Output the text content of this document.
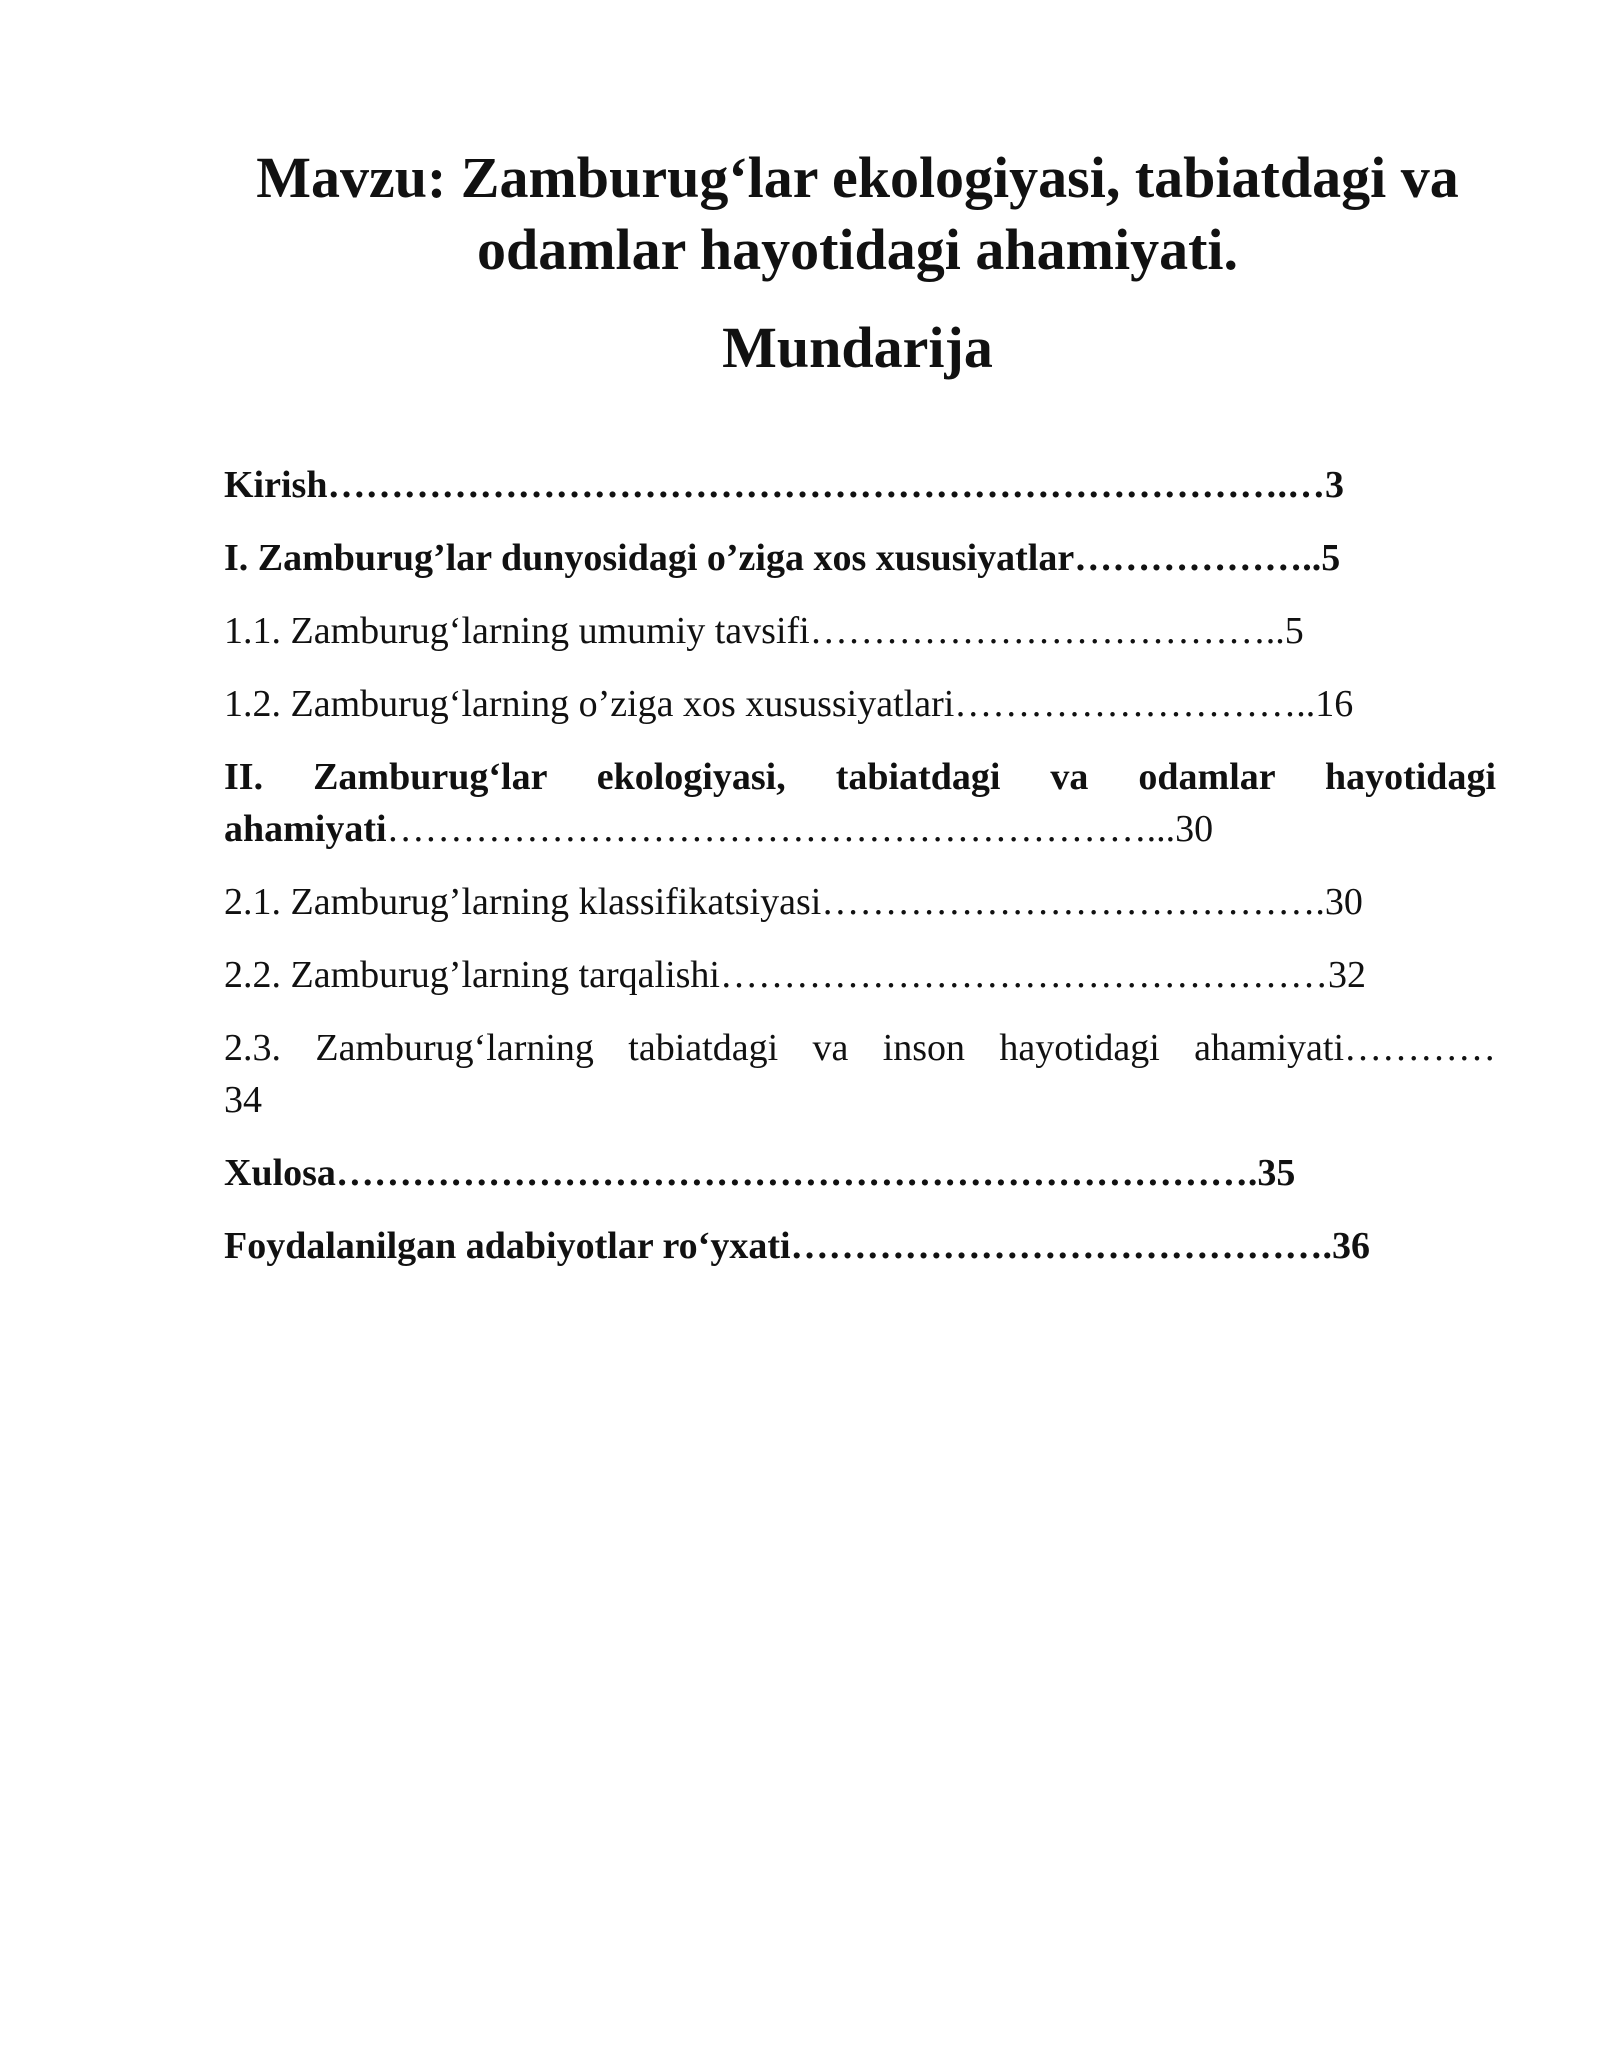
Mavzu: Zamburug‘lar ekologiyasi, tabiatdagi va odamlar hayotidagi ahamiyati.
Mundarija

Kirish………………………………………………………………….…3

I. Zamburug’lar dunyosidagi o’ziga xos xususiyatlar………………..5

1.1. Zamburug‘larning umumiy tavsifi………………………………..5

1.2. Zamburug‘larning o’ziga xos xusussiyatlari………………………..16

II. Zamburug‘lar ekologiyasi, tabiatdagi va odamlar hayotidagi

ahamiyati……………………………………………………...30

2.1. Zamburug’larning klassifikatsiyasi………………………………….30

2.2. Zamburug’larning tarqalishi…………………………………………32

2.3. Zamburug‘larning tabiatdagi va inson hayotidagi ahamiyati…………

34

Xulosa……………………………………………………………….35

Foydalanilgan adabiyotlar ro‘yxati…………………………………….36
